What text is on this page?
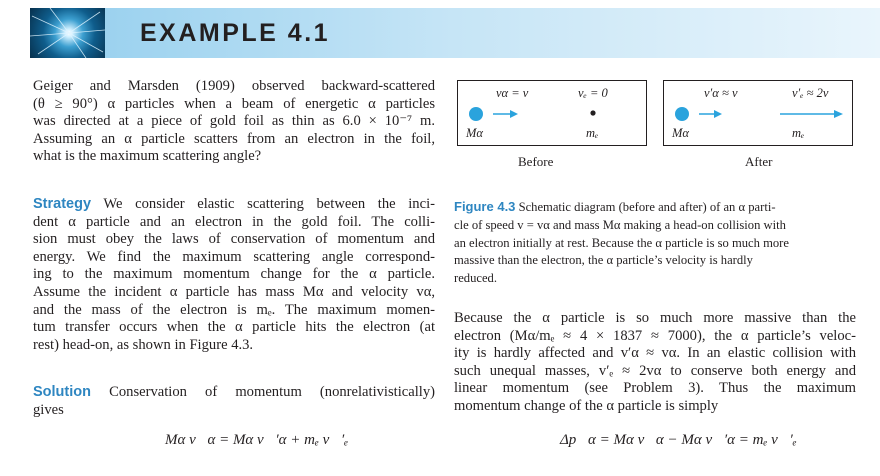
EXAMPLE 4.1
Geiger and Marsden (1909) observed backward-scattered
(θ ≥ 90°) α particles when a beam of energetic α particles
was directed at a piece of gold foil as thin as 6.0 × 10⁻⁷ m.
Assuming an α particle scatters from an electron in the foil,
what is the maximum scattering angle?
Strategy We consider elastic scattering between the inci-
dent α particle and an electron in the gold foil. The colli-
sion must obey the laws of conservation of momentum and
energy. We find the maximum scattering angle correspond-
ing to the maximum momentum change for the α particle.
Assume the incident α particle has mass Mα and velocity vα,
and the mass of the electron is mₑ. The maximum momen-
tum transfer occurs when the α particle hits the electron (at
rest) head-on, as shown in Figure 4.3.
Solution Conservation of momentum (nonrelativistically)
gives
Mα v⃗α = Mα v⃗′α + mₑ v⃗′ₑ
vα = v	vₑ = 0
Mα	mₑ
Before
v′α ≈ v	v′ₑ ≈ 2v
Mα	mₑ
After
Figure 4.3 Schematic diagram (before and after) of an α parti-
cle of speed v = vα and mass Mα making a head-on collision with
an electron initially at rest. Because the α particle is so much more
massive than the electron, the α particle’s velocity is hardly
reduced.
Because the α particle is so much more massive than the
electron (Mα/mₑ ≈ 4 × 1837 ≈ 7000), the α particle’s veloc-
ity is hardly affected and v′α ≈ vα. In an elastic collision with
such unequal masses, v′ₑ ≈ 2vα to conserve both energy and
linear momentum (see Problem 3). Thus the maximum
momentum change of the α particle is simply
Δp⃗α = Mα v⃗α − Mα v⃗′α = mₑ v⃗′ₑ
